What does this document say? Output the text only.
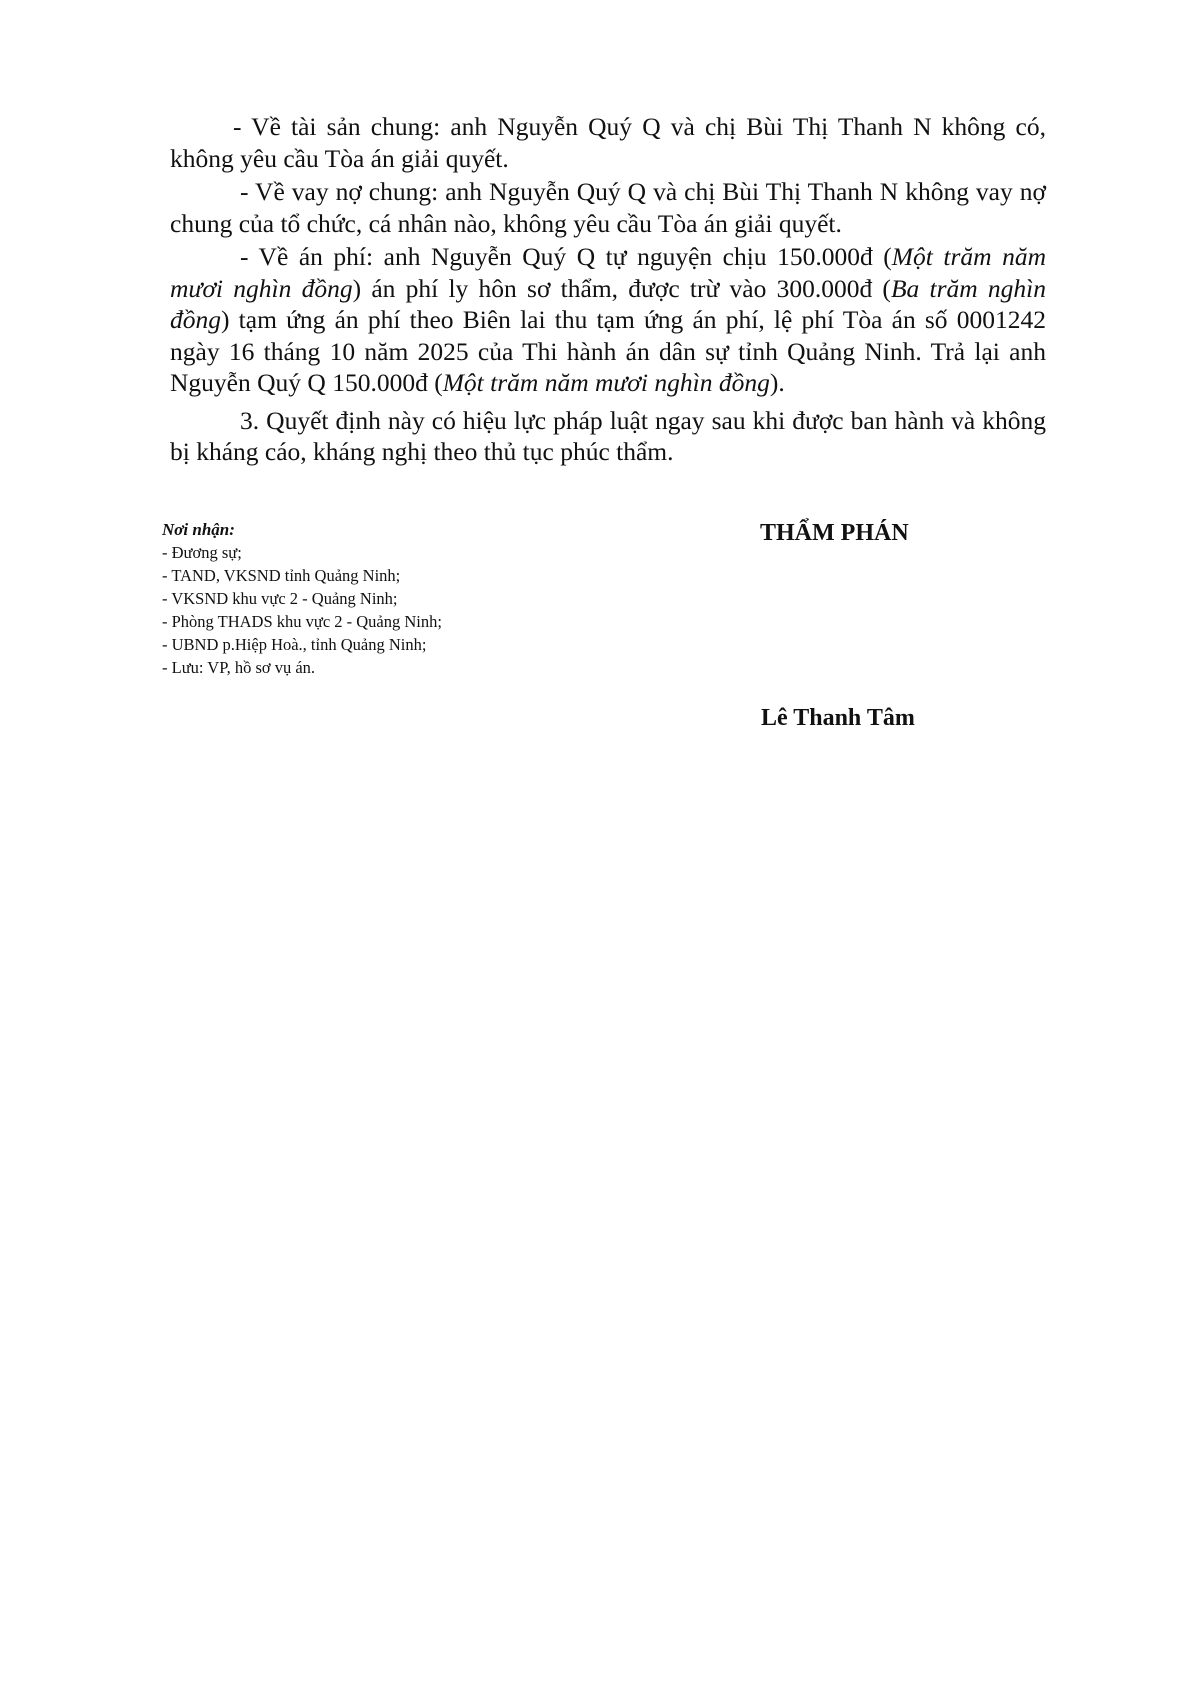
- Về tài sản chung: anh Nguyễn Quý Q và chị Bùi Thị Thanh N không có, không yêu cầu Tòa án giải quyết.

- Về vay nợ chung: anh Nguyễn Quý Q và chị Bùi Thị Thanh N không vay nợ chung của tổ chức, cá nhân nào, không yêu cầu Tòa án giải quyết.

- Về án phí: anh Nguyễn Quý Q tự nguyện chịu 150.000đ (Một trăm năm mươi nghìn đồng) án phí ly hôn sơ thẩm, được trừ vào 300.000đ (Ba trăm nghìn đồng) tạm ứng án phí theo Biên lai thu tạm ứng án phí, lệ phí Tòa án số 0001242 ngày 16 tháng 10 năm 2025 của Thi hành án dân sự tỉnh Quảng Ninh. Trả lại anh Nguyễn Quý Q 150.000đ (Một trăm năm mươi nghìn đồng).

3. Quyết định này có hiệu lực pháp luật ngay sau khi được ban hành và không bị kháng cáo, kháng nghị theo thủ tục phúc thẩm.

Nơi nhận:
- Đương sự;
- TAND, VKSND tỉnh Quảng Ninh;
- VKSND khu vực 2 - Quảng Ninh;
- Phòng THADS khu vực 2 - Quảng Ninh;
- UBND p.Hiệp Hoà., tỉnh Quảng Ninh;
- Lưu: VP, hồ sơ vụ án.
THẨM PHÁN
Lê Thanh Tâm
